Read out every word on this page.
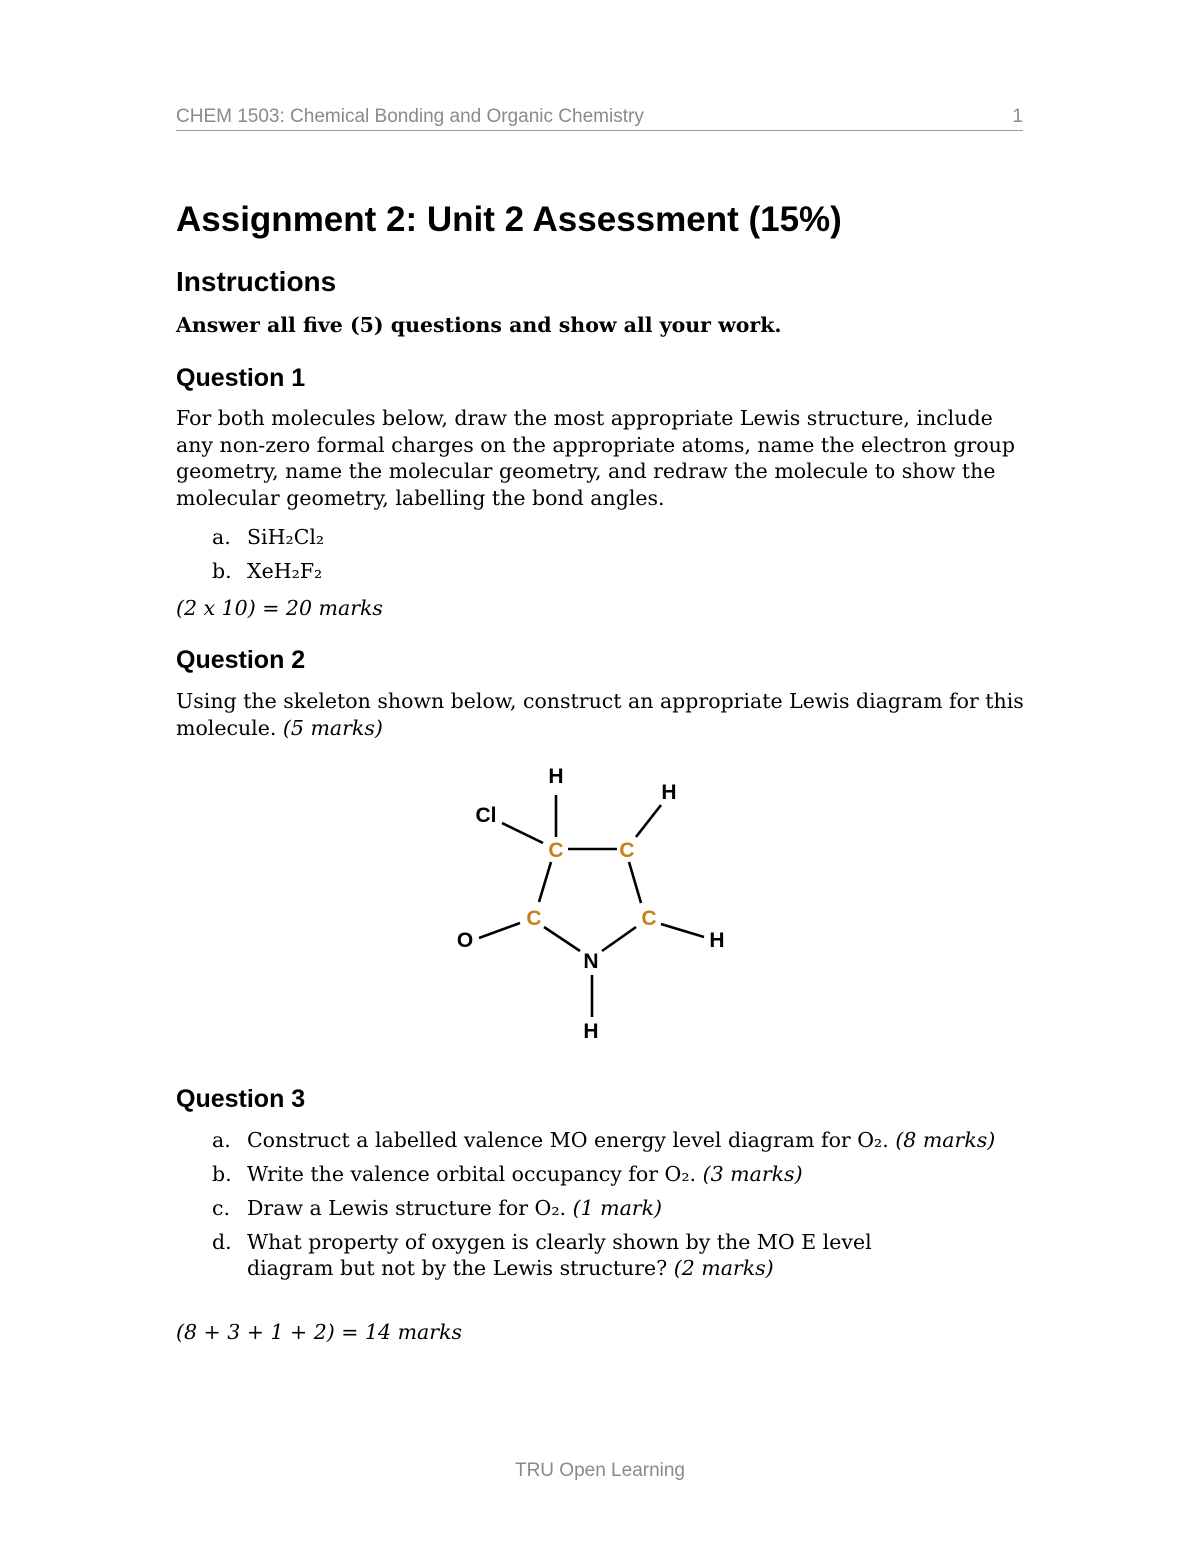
CHEM 1503: Chemical Bonding and Organic Chemistry	1
Assignment 2: Unit 2 Assessment (15%)
Instructions

Answer all five (5) questions and show all your work.

Question 1

For both molecules below, draw the most appropriate Lewis structure, include any non-zero formal charges on the appropriate atoms, name the electron group geometry, name the molecular geometry, and redraw the molecule to show the molecular geometry, labelling the bond angles.

a. SiH₂Cl₂
b. XeH₂F₂

(2 x 10) = 20 marks

Question 2

Using the skeleton shown below, construct an appropriate Lewis diagram for this molecule. (5 marks)

H
H
Cl
C	C
C	C
O
N
H
H
Question 3
a. Construct a labelled valence MO energy level diagram for O₂. (8 marks)
b. Write the valence orbital occupancy for O₂. (3 marks)
c. Draw a Lewis structure for O₂. (1 mark)
d. What property of oxygen is clearly shown by the MO E level diagram but not by the Lewis structure? (2 marks)

(8 + 3 + 1 + 2) = 14 marks

TRU Open Learning
